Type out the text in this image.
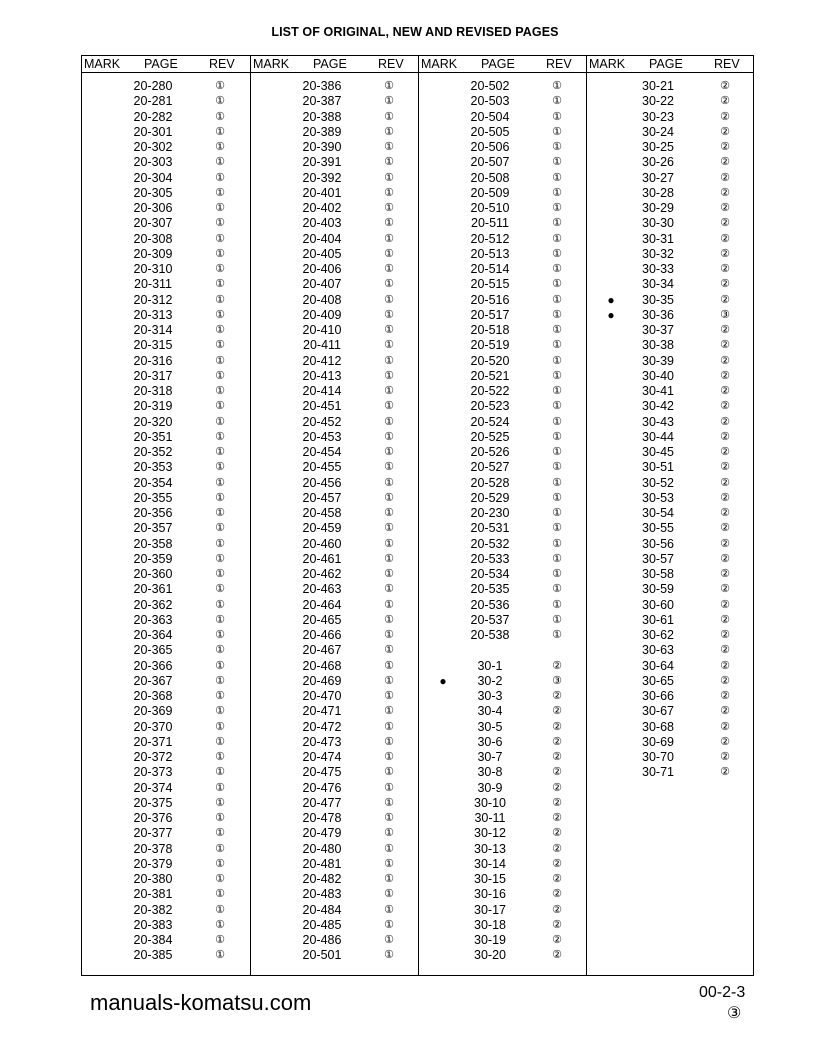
LIST OF ORIGINAL, NEW AND REVISED PAGES
MARK PAGE REV
20-280	①
20-281	①
20-282	①
20-301	①
20-302	①
20-303	①
20-304	①
20-305	①
20-306	①
20-307	①
20-308	①
20-309	①
20-310	①
20-311	①
20-312	①
20-313	①
20-314	①
20-315	①
20-316	①
20-317	①
20-318	①
20-319	①
20-320	①
20-351	①
20-352	①
20-353	①
20-354	①
20-355	①
20-356	①
20-357	①
20-358	①
20-359	①
20-360	①
20-361	①
20-362	①
20-363	①
20-364	①
20-365	①
20-366	①
20-367	①
20-368	①
20-369	①
20-370	①
20-371	①
20-372	①
20-373	①
20-374	①
20-375	①
20-376	①
20-377	①
20-378	①
20-379	①
20-380	①
20-381	①
20-382	①
20-383	①
20-384	①
20-385	①
MARK PAGE REV
20-386	①
20-387	①
20-388	①
20-389	①
20-390	①
20-391	①
20-392	①
20-401	①
20-402	①
20-403	①
20-404	①
20-405	①
20-406	①
20-407	①
20-408	①
20-409	①
20-410	①
20-411	①
20-412	①
20-413	①
20-414	①
20-451	①
20-452	①
20-453	①
20-454	①
20-455	①
20-456	①
20-457	①
20-458	①
20-459	①
20-460	①
20-461	①
20-462	①
20-463	①
20-464	①
20-465	①
20-466	①
20-467	①
20-468	①
20-469	①
20-470	①
20-471	①
20-472	①
20-473	①
20-474	①
20-475	①
20-476	①
20-477	①
20-478	①
20-479	①
20-480	①
20-481	①
20-482	①
20-483	①
20-484	①
20-485	①
20-486	①
20-501	①
MARK PAGE REV
20-502	①
20-503	①
20-504	①
20-505	①
20-506	①
20-507	①
20-508	①
20-509	①
20-510	①
20-511	①
20-512	①
20-513	①
20-514	①
20-515	①
20-516	①
20-517	①
20-518	①
20-519	①
20-520	①
20-521	①
20-522	①
20-523	①
20-524	①
20-525	①
20-526	①
20-527	①
20-528	①
20-529	①
20-230	①
20-531	①
20-532	①
20-533	①
20-534	①
20-535	①
20-536	①
20-537	①
20-538	①
30-1	②
●	30-2	③
30-3	②
30-4	②
30-5	②
30-6	②
30-7	②
30-8	②
30-9	②
30-10	②
30-11	②
30-12	②
30-13	②
30-14	②
30-15	②
30-16	②
30-17	②
30-18	②
30-19	②
30-20	②
MARK PAGE REV
30-21	②
30-22	②
30-23	②
30-24	②
30-25	②
30-26	②
30-27	②
30-28	②
30-29	②
30-30	②
30-31	②
30-32	②
30-33	②
30-34	②
●	30-35	②
●	30-36	③
30-37	②
30-38	②
30-39	②
30-40	②
30-41	②
30-42	②
30-43	②
30-44	②
30-45	②
30-51	②
30-52	②
30-53	②
30-54	②
30-55	②
30-56	②
30-57	②
30-58	②
30-59	②
30-60	②
30-61	②
30-62	②
30-63	②
30-64	②
30-65	②
30-66	②
30-67	②
30-68	②
30-69	②
30-70	②
30-71	②
manuals-komatsu.com	00-2-3
③
